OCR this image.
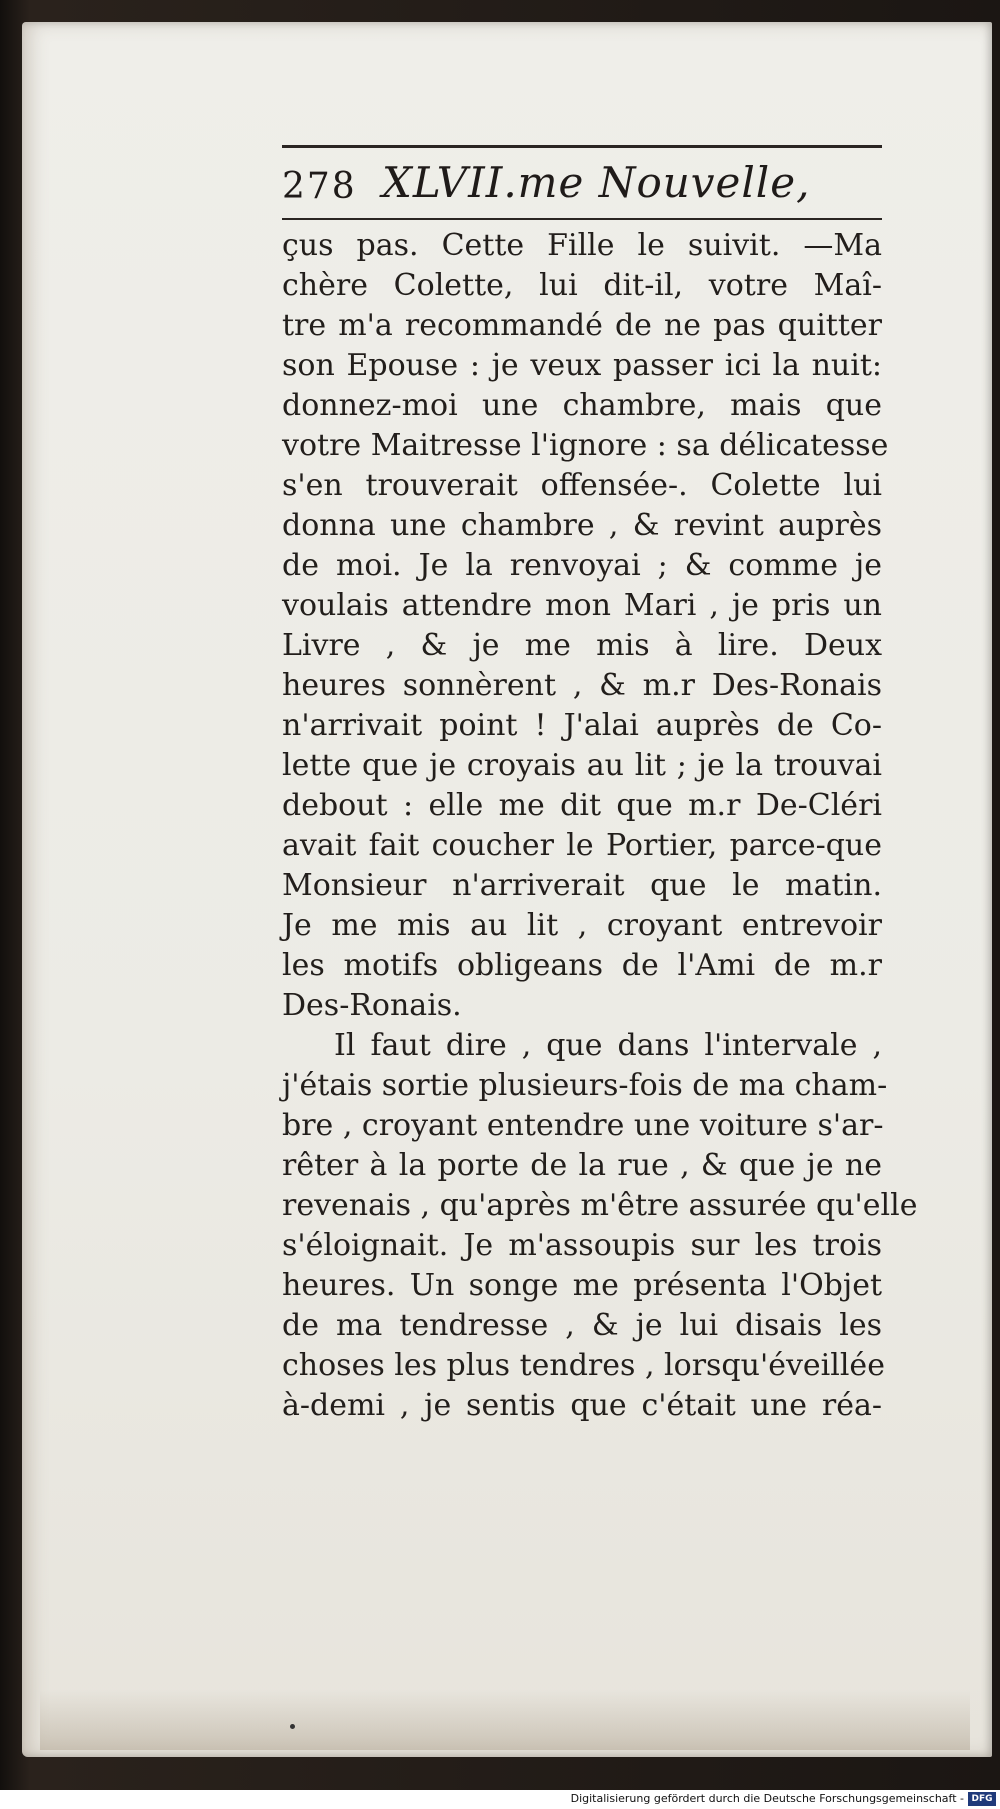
278 XLVII.me Nouvelle,
çus pas. Cette Fille le suivit. —Ma
chère Colette, lui dit-il, votre Maî-
tre m'a recommandé de ne pas quitter
son Epouse : je veux passer ici la nuit:
donnez-moi une chambre, mais que
votre Maitresse l'ignore : sa délicatesse
s'en trouverait offensée-. Colette lui
donna une chambre , & revint auprès
de moi. Je la renvoyai ; & comme je
voulais attendre mon Mari , je pris un
Livre , & je me mis à lire. Deux
heures sonnèrent , & m.r Des-Ronais
n'arrivait point ! J'alai auprès de Co-
lette que je croyais au lit ; je la trouvai
debout : elle me dit que m.r De-Cléri
avait fait coucher le Portier, parce-que
Monsieur n'arriverait que le matin.
Je me mis au lit , croyant entrevoir
les motifs obligeans de l'Ami de m.r
Des-Ronais.
Il faut dire , que dans l'intervale ,
j'étais sortie plusieurs-fois de ma cham-
bre , croyant entendre une voiture s'ar-
rêter à la porte de la rue , & que je ne
revenais , qu'après m'être assurée qu'elle
s'éloignait. Je m'assoupis sur les trois
heures. Un songe me présenta l'Objet
de ma tendresse , & je lui disais les
choses les plus tendres , lorsqu'éveillée
à-demi , je sentis que c'était une réa-
Digitalisierung gefördert durch die Deutsche Forschungsgemeinschaft - DFG
